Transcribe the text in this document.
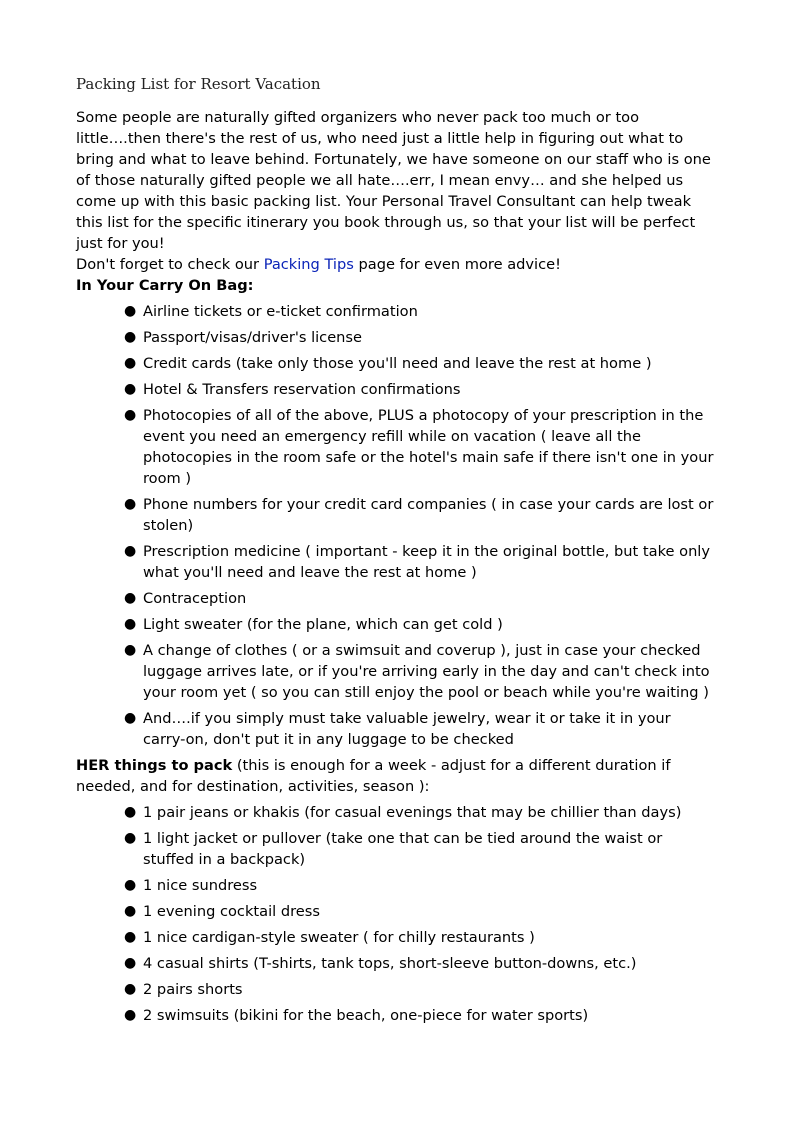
Packing List for Resort Vacation

Some people are naturally gifted organizers who never pack too much or too little….then there's the rest of us, who need just a little help in figuring out what to bring and what to leave behind. Fortunately, we have someone on our staff who is one of those naturally gifted people we all hate….err, I mean envy… and she helped us come up with this basic packing list. Your Personal Travel Consultant can help tweak this list for the specific itinerary you book through us, so that your list will be perfect just for you!

Don't forget to check our Packing Tips page for even more advice!

In Your Carry On Bag:

● Airline tickets or e-ticket confirmation
● Passport/visas/driver's license
● Credit cards (take only those you'll need and leave the rest at home )
● Hotel & Transfers reservation confirmations
● Photocopies of all of the above, PLUS a photocopy of your prescription in the event you need an emergency refill while on vacation ( leave all the photocopies in the room safe or the hotel's main safe if there isn't one in your room )
● Phone numbers for your credit card companies ( in case your cards are lost or stolen)
● Prescription medicine ( important - keep it in the original bottle, but take only what you'll need and leave the rest at home )
● Contraception
● Light sweater (for the plane, which can get cold )
● A change of clothes ( or a swimsuit and coverup ), just in case your checked luggage arrives late, or if you're arriving early in the day and can't check into your room yet ( so you can still enjoy the pool or beach while you're waiting )
● And….if you simply must take valuable jewelry, wear it or take it in your carry-on, don't put it in any luggage to be checked

HER things to pack (this is enough for a week - adjust for a different duration if needed, and for destination, activities, season ):

● 1 pair jeans or khakis (for casual evenings that may be chillier than days)
● 1 light jacket or pullover (take one that can be tied around the waist or stuffed in a backpack)
● 1 nice sundress
● 1 evening cocktail dress
● 1 nice cardigan-style sweater ( for chilly restaurants )
● 4 casual shirts (T-shirts, tank tops, short-sleeve button-downs, etc.)
● 2 pairs shorts
● 2 swimsuits (bikini for the beach, one-piece for water sports)
